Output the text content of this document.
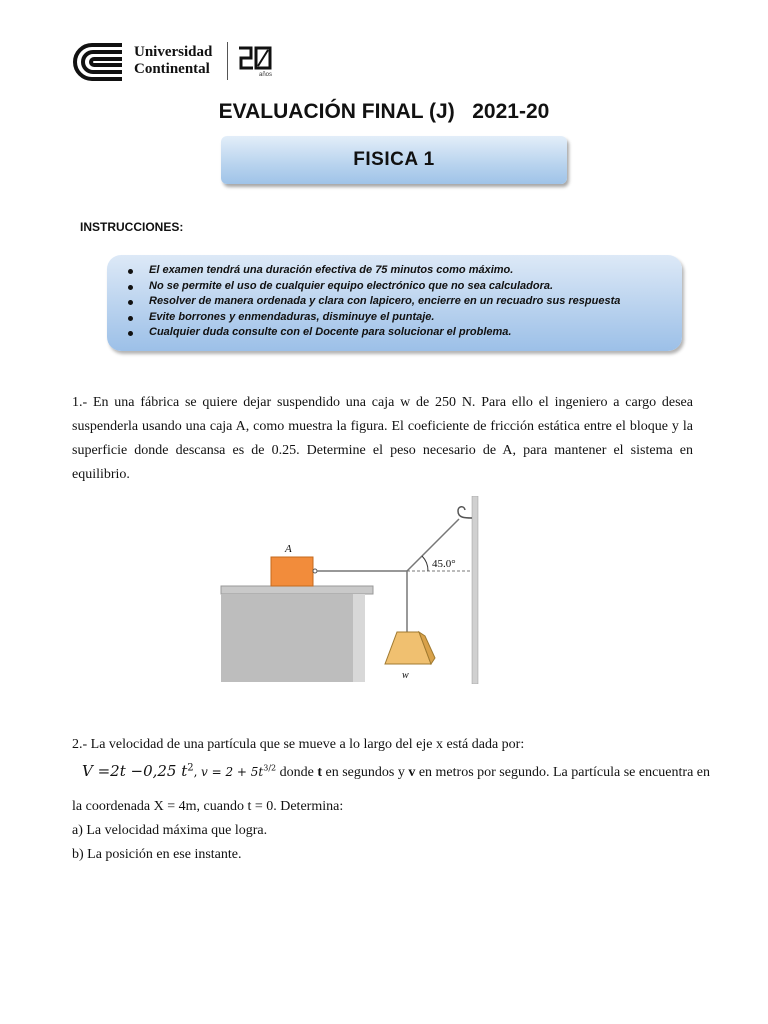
Universidad
Continental	años
EVALUACIÓN FINAL (J)   2021-20
FISICA 1
INSTRUCCIONES:
El examen tendrá una duración efectiva de 75 minutos como máximo.
No se permite el uso de cualquier equipo electrónico que no sea calculadora.
Resolver de manera ordenada y clara con lapicero, encierre en un recuadro sus respuesta
Evite borrones y enmendaduras, disminuye el puntaje.
Cualquier duda consulte con el Docente para solucionar el problema.

1.- En una fábrica se quiere dejar suspendido una caja w de 250 N. Para ello el ingeniero a cargo desea suspenderla usando una caja A, como muestra la figura. El coeficiente de fricción estática entre el bloque y la superficie donde descansa es de 0.25. Determine el peso necesario de A, para mantener el sistema en equilibrio.

A
45.0°
w
2.- La velocidad de una partícula que se mueve a lo largo del eje x está dada por:
V =2t −0,25 $t^2$, $v = 2 + 5t^{3/2}$ donde t en segundos y v en metros por segundo. La partícula se encuentra en
la coordenada X = 4m, cuando t = 0. Determina:
a) La velocidad máxima que logra.
b) La posición en ese instante.
